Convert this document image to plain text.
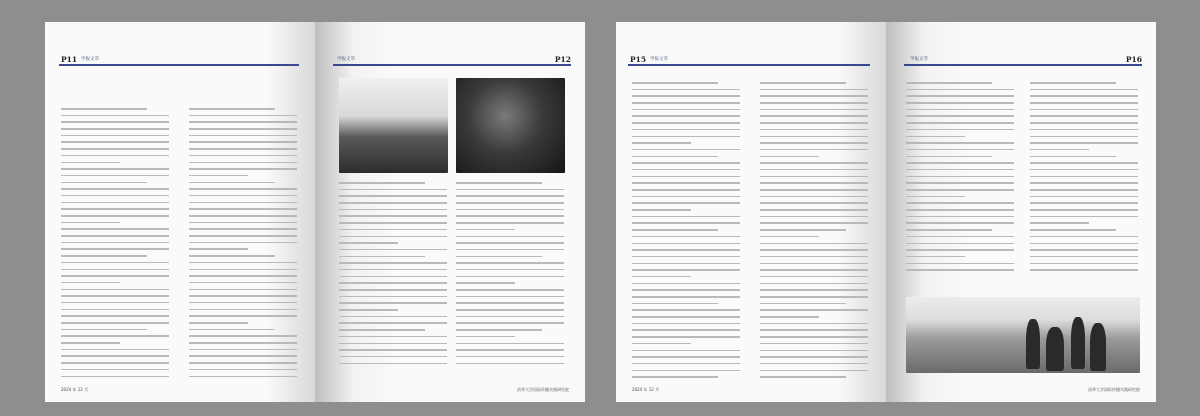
P11 学报文萃
2024 年 12 月
P12
学报文萃
清华大学国际传播实践研究院
P15 学报文萃
2024 年 12 月
P16
学报文萃
清华大学国际传播实践研究院
